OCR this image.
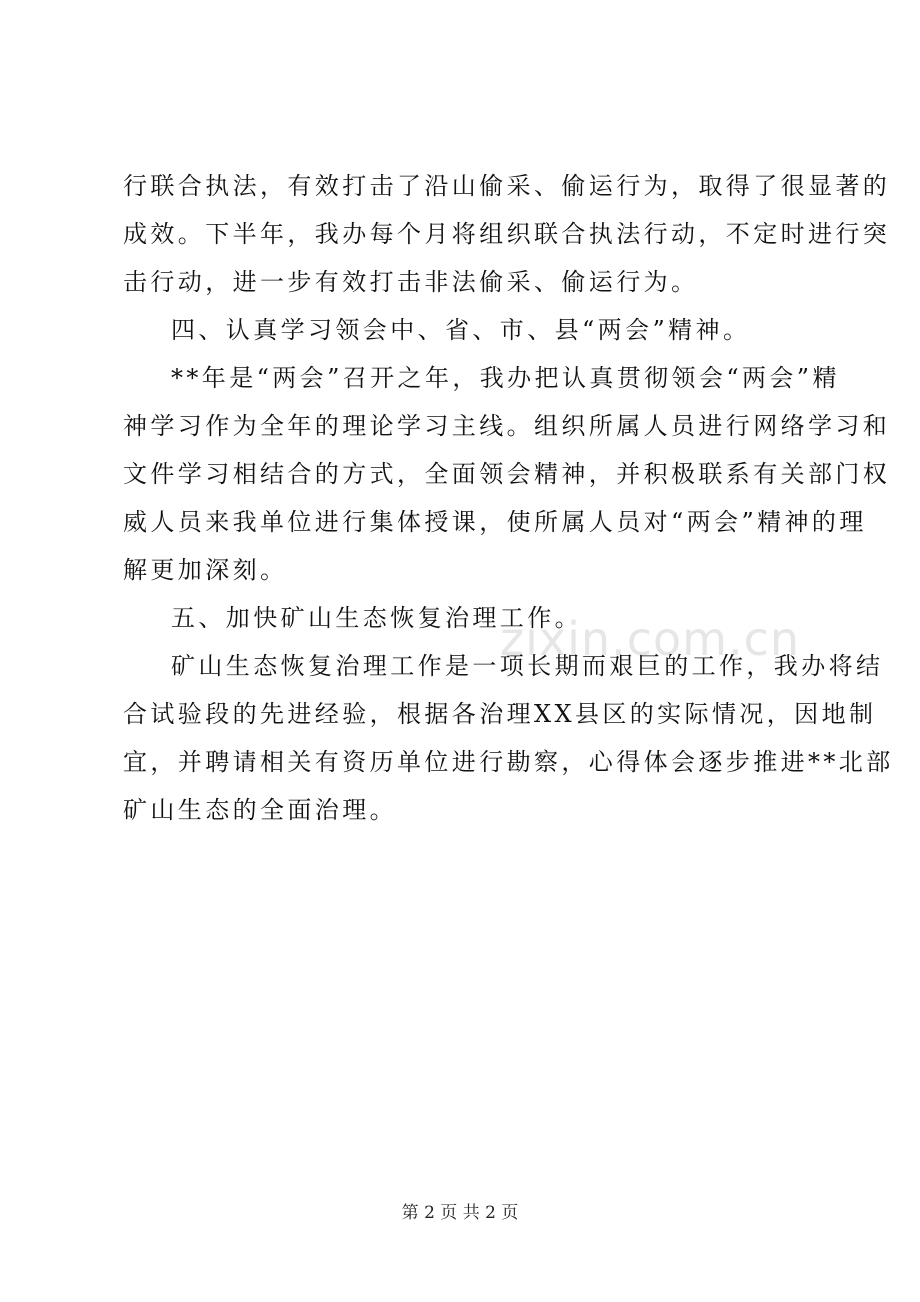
zixin.com.cn
行联合执法，有效打击了沿山偷采、偷运行为，取得了很显著的
成效。下半年，我办每个月将组织联合执法行动，不定时进行突
击行动，进一步有效打击非法偷采、偷运行为。
四、认真学习领会中、省、市、县“两会”精神。
**年是“两会”召开之年，我办把认真贯彻领会“两会”精
神学习作为全年的理论学习主线。组织所属人员进行网络学习和
文件学习相结合的方式，全面领会精神，并积极联系有关部门权
威人员来我单位进行集体授课，使所属人员对“两会”精神的理
解更加深刻。
五、加快矿山生态恢复治理工作。
矿山生态恢复治理工作是一项长期而艰巨的工作，我办将结
合试验段的先进经验，根据各治理XX县区的实际情况，因地制
宜，并聘请相关有资历单位进行勘察，心得体会逐步推进**北部
矿山生态的全面治理。
第 2 页 共 2 页
